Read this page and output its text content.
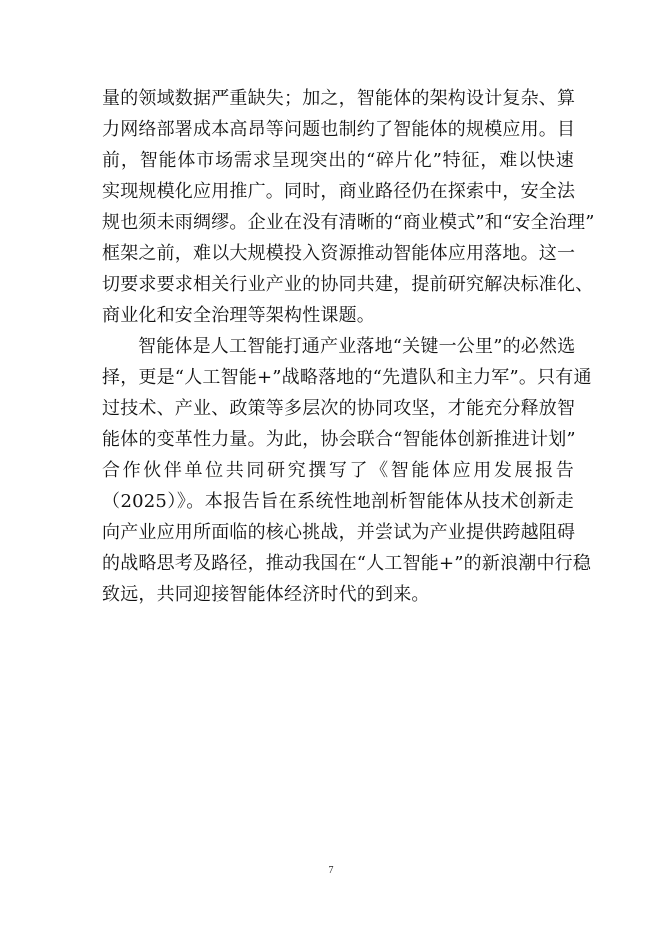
量的领域数据严重缺失；加之，智能体的架构设计复杂、算
力网络部署成本高昂等问题也制约了智能体的规模应用。目
前，智能体市场需求呈现突出的“碎片化”特征，难以快速
实现规模化应用推广。同时，商业路径仍在探索中，安全法
规也须未雨绸缪。企业在没有清晰的“商业模式”和“安全治理”
框架之前，难以大规模投入资源推动智能体应用落地。这一
切要求要求相关行业产业的协同共建，提前研究解决标准化、
商业化和安全治理等架构性课题。
智能体是人工智能打通产业落地“关键一公里”的必然选
择，更是“人工智能+”战略落地的“先遣队和主力军”。只有通
过技术、产业、政策等多层次的协同攻坚，才能充分释放智
能体的变革性力量。为此，协会联合“智能体创新推进计划”
合作伙伴单位共同研究撰写了《智能体应用发展报告
（2025）》。本报告旨在系统性地剖析智能体从技术创新走
向产业应用所面临的核心挑战，并尝试为产业提供跨越阻碍
的战略思考及路径，推动我国在“人工智能+”的新浪潮中行稳
致远，共同迎接智能体经济时代的到来。
7
